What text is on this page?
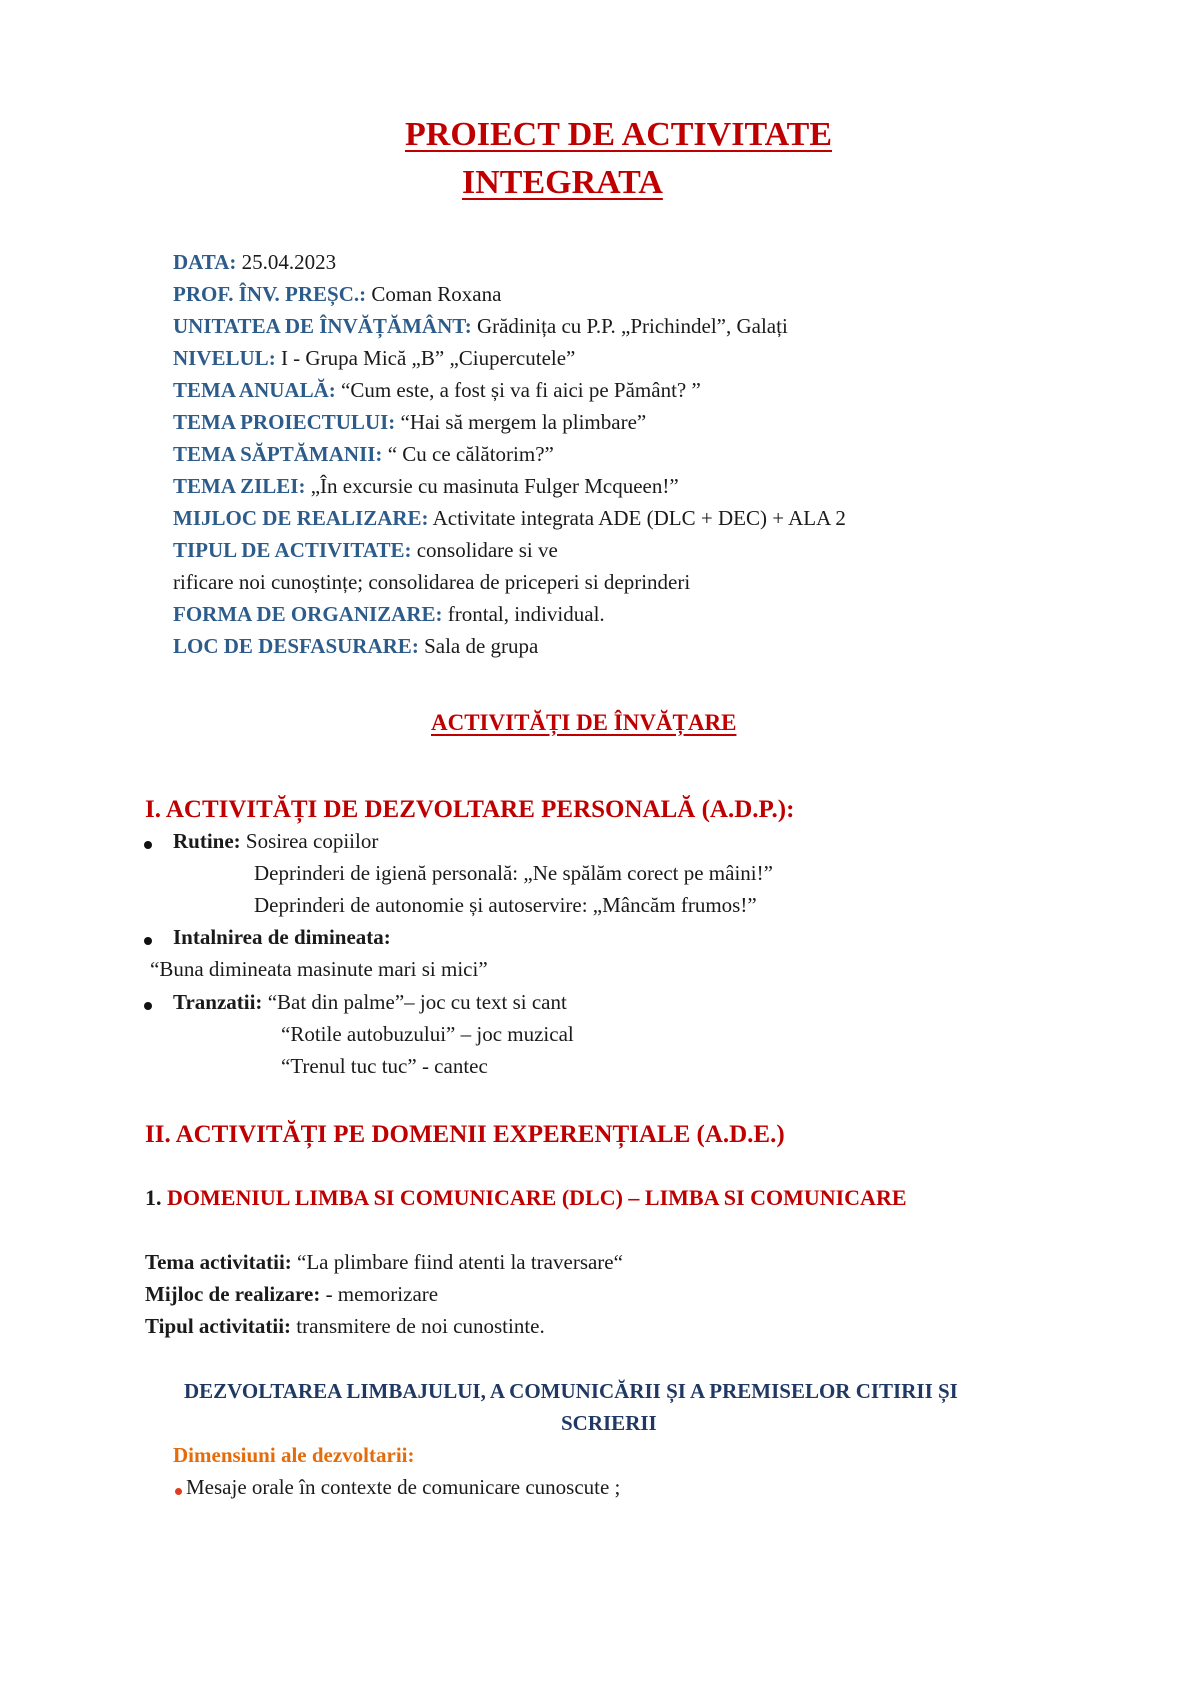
PROIECT DE ACTIVITATE
INTEGRATA
DATA: 25.04.2023
PROF. ÎNV. PREȘC.: Coman Roxana
UNITATEA DE ÎNVĂȚĂMÂNT: Grădinița cu P.P. „Prichindel”, Galați
NIVELUL: I - Grupa Mică „B” „Ciupercutele”
TEMA ANUALĂ: “Cum este, a fost și va fi aici pe Pământ? ”
TEMA PROIECTULUI: “Hai să mergem la plimbare”
TEMA SĂPTĂMANII: “ Cu ce călătorim?”
TEMA ZILEI: „În excursie cu masinuta Fulger Mcqueen!”
MIJLOC DE REALIZARE: Activitate integrata ADE (DLC + DEC) + ALA 2
TIPUL DE ACTIVITATE: consolidare si ve
rificare noi cunoștințe; consolidarea de priceperi si deprinderi
FORMA DE ORGANIZARE: frontal, individual.
LOC DE DESFASURARE: Sala de grupa
ACTIVITĂȚI DE ÎNVĂȚARE
I. ACTIVITĂȚI DE DEZVOLTARE PERSONALĂ (A.D.P.):
Rutine: Sosirea copiilor
Deprinderi de igienă personală: „Ne spălăm corect pe mâini!”
Deprinderi de autonomie și autoservire: „Mâncăm frumos!”
Intalnirea de dimineata:
“Buna dimineata masinute mari si mici”
Tranzatii: “Bat din palme”– joc cu text si cant
“Rotile autobuzului” – joc muzical
“Trenul tuc tuc” - cantec
II. ACTIVITĂȚI PE DOMENII EXPERENȚIALE (A.D.E.)
1. DOMENIUL LIMBA SI COMUNICARE (DLC) – LIMBA SI COMUNICARE
Tema activitatii: “La plimbare fiind atenti la traversare“
Mijloc de realizare: - memorizare
Tipul activitatii: transmitere de noi cunostinte.
DEZVOLTAREA LIMBAJULUI, A COMUNICĂRII ȘI A PREMISELOR CITIRII ȘI
SCRIERII
Dimensiuni ale dezvoltarii:
Mesaje orale în contexte de comunicare cunoscute ;
